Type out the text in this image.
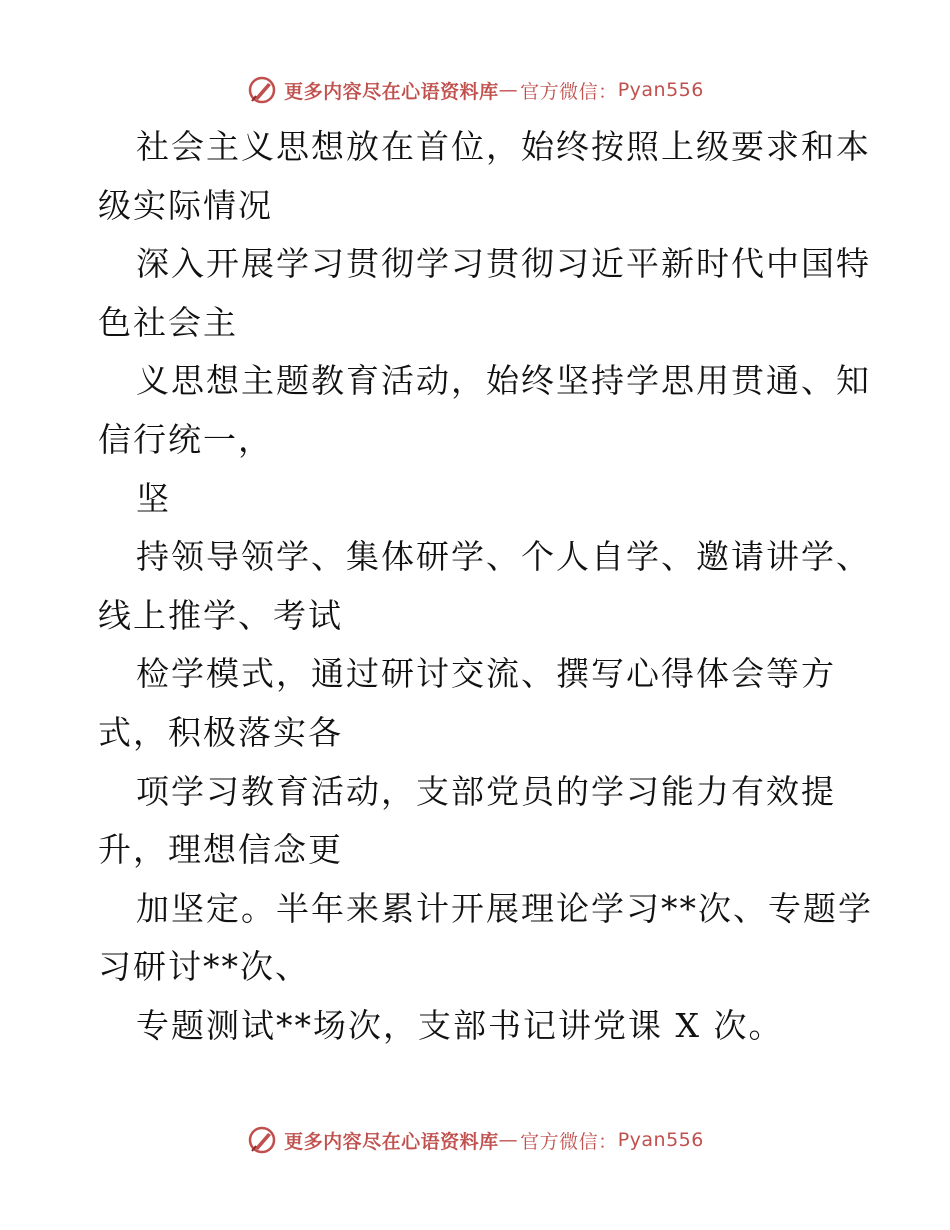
更多内容尽在心语资料库 — 官方微信： Pyan556
社会主义思想放在首位，始终按照上级要求和本
级实际情况
深入开展学习贯彻学习贯彻习近平新时代中国特
色社会主
义思想主题教育活动，始终坚持学思用贯通、知
信行统一，
坚
持领导领学、集体研学、个人自学、邀请讲学、
线上推学、考试
检学模式，通过研讨交流、撰写心得体会等方
式，积极落实各
项学习教育活动，支部党员的学习能力有效提
升，理想信念更
加坚定。半年来累计开展理论学习**次、专题学
习研讨**次、
专题测试**场次，支部书记讲党课 X 次。
更多内容尽在心语资料库 — 官方微信： Pyan556
